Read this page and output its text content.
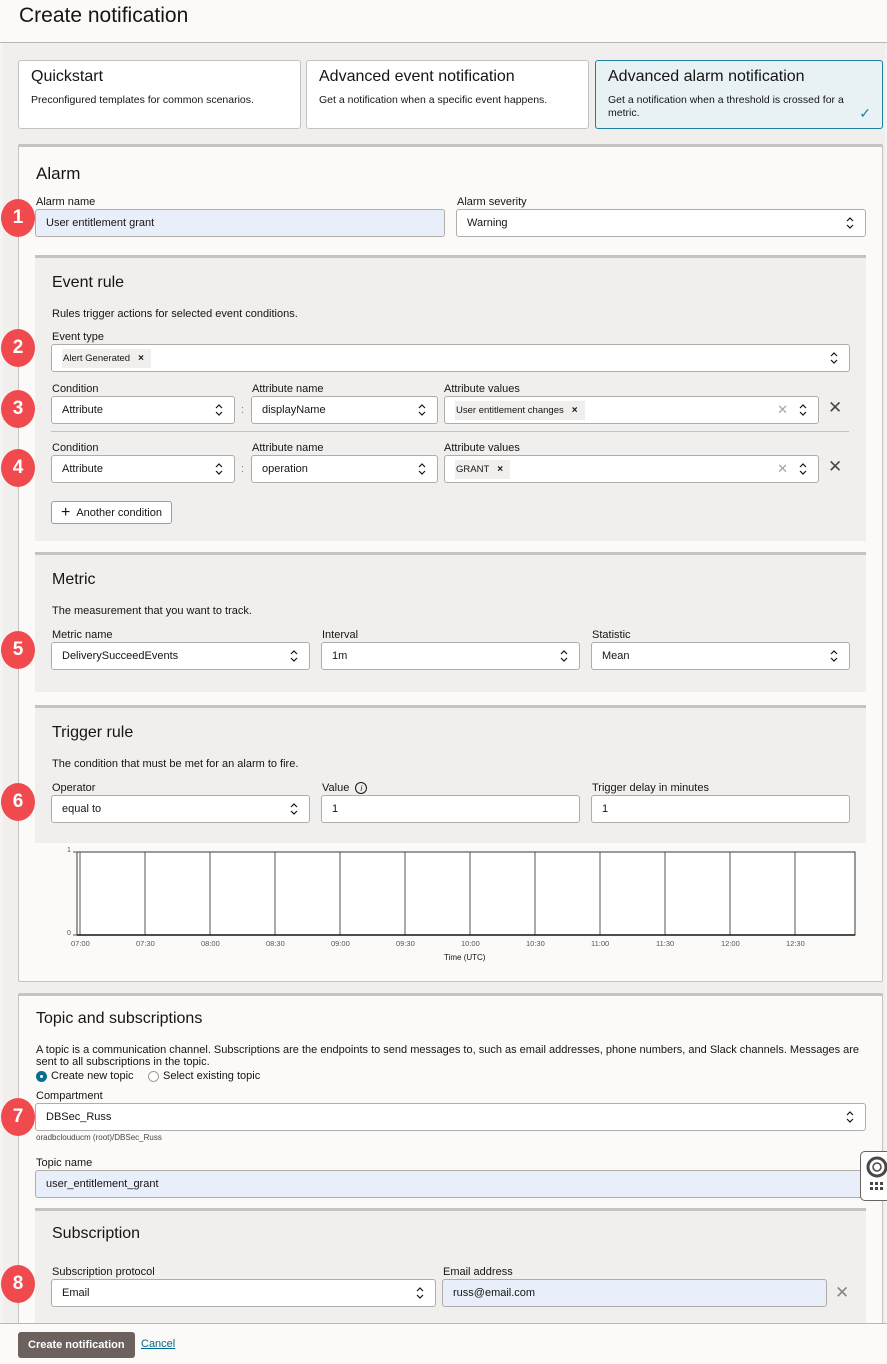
Create notification
Quickstart
Preconfigured templates for common scenarios.
Advanced event notification
Get a notification when a specific event happens.
Advanced alarm notification
Get a notification when a threshold is crossed for a metric.	✓
Alarm
Alarm name
User entitlement grant
Alarm severity
Warning
Event rule
Rules trigger actions for selected event conditions.
Event type
Alert Generated ×
Condition
Attribute	:
Attribute name
displayName
Attribute values
User entitlement changes ×	✕ ✕
Condition
Attribute	:
Attribute name
operation
Attribute values
GRANT ×	✕ ✕
+ Another condition
Metric
The measurement that you want to track.
Metric name
DeliverySucceedEvents
Interval
1m
Statistic
Mean
Trigger rule
The condition that must be met for an alarm to fire.
Operator
equal to
Value	i
1
Trigger delay in minutes
1
1
0
07:00	07:30	08:00	08:30	09:00	09:30	10:00	10:30	11:00	11:30	12:00	12:30
Time (UTC)
Topic and subscriptions
A topic is a communication channel. Subscriptions are the endpoints to send messages to, such as email addresses, phone numbers, and Slack channels. Messages are sent to all subscriptions in the topic.
Create new topic	Select existing topic
Compartment
DBSec_Russ
oradbclouducm (root)/DBSec_Russ
Topic name
user_entitlement_grant
Subscription
Subscription protocol
Email
Email address
russ@email.com	✕
1
2
3
4
5
6
7
8
Create notification	Cancel
